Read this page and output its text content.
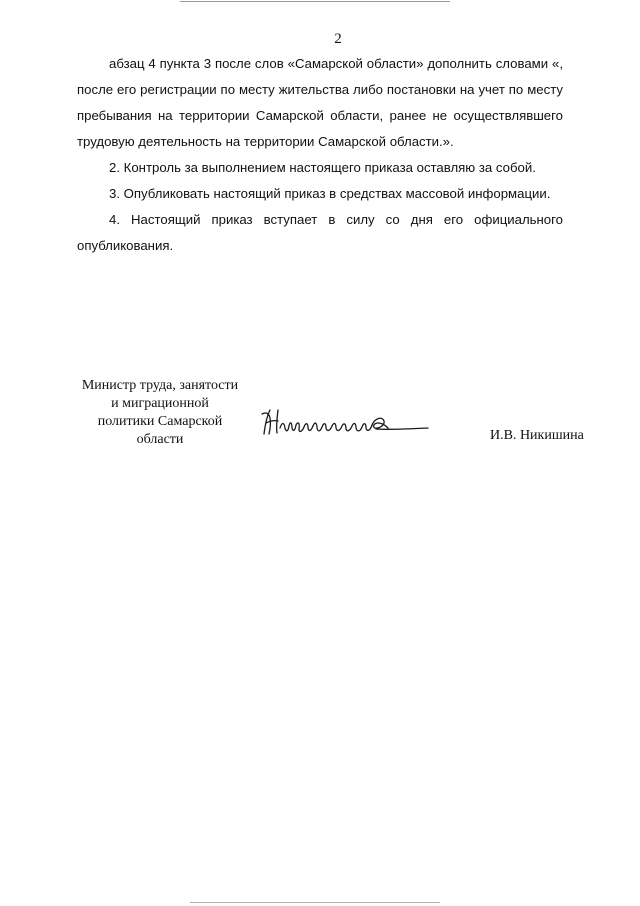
2

абзац 4 пункта 3 после слов «Самарской области» дополнить словами «, после его регистрации по месту жительства либо постановки на учет по месту пребывания на территории Самарской области, ранее не осуществлявшего трудовую деятельность на территории Самарской области.».

2. Контроль за выполнением настоящего приказа оставляю за собой.

3. Опубликовать настоящий приказ в средствах массовой информации.

4. Настоящий приказ вступает в силу со дня его официального опубликования.

Министр труда, занятости
и миграционной
политики Самарской
области	И.В. Никишина
